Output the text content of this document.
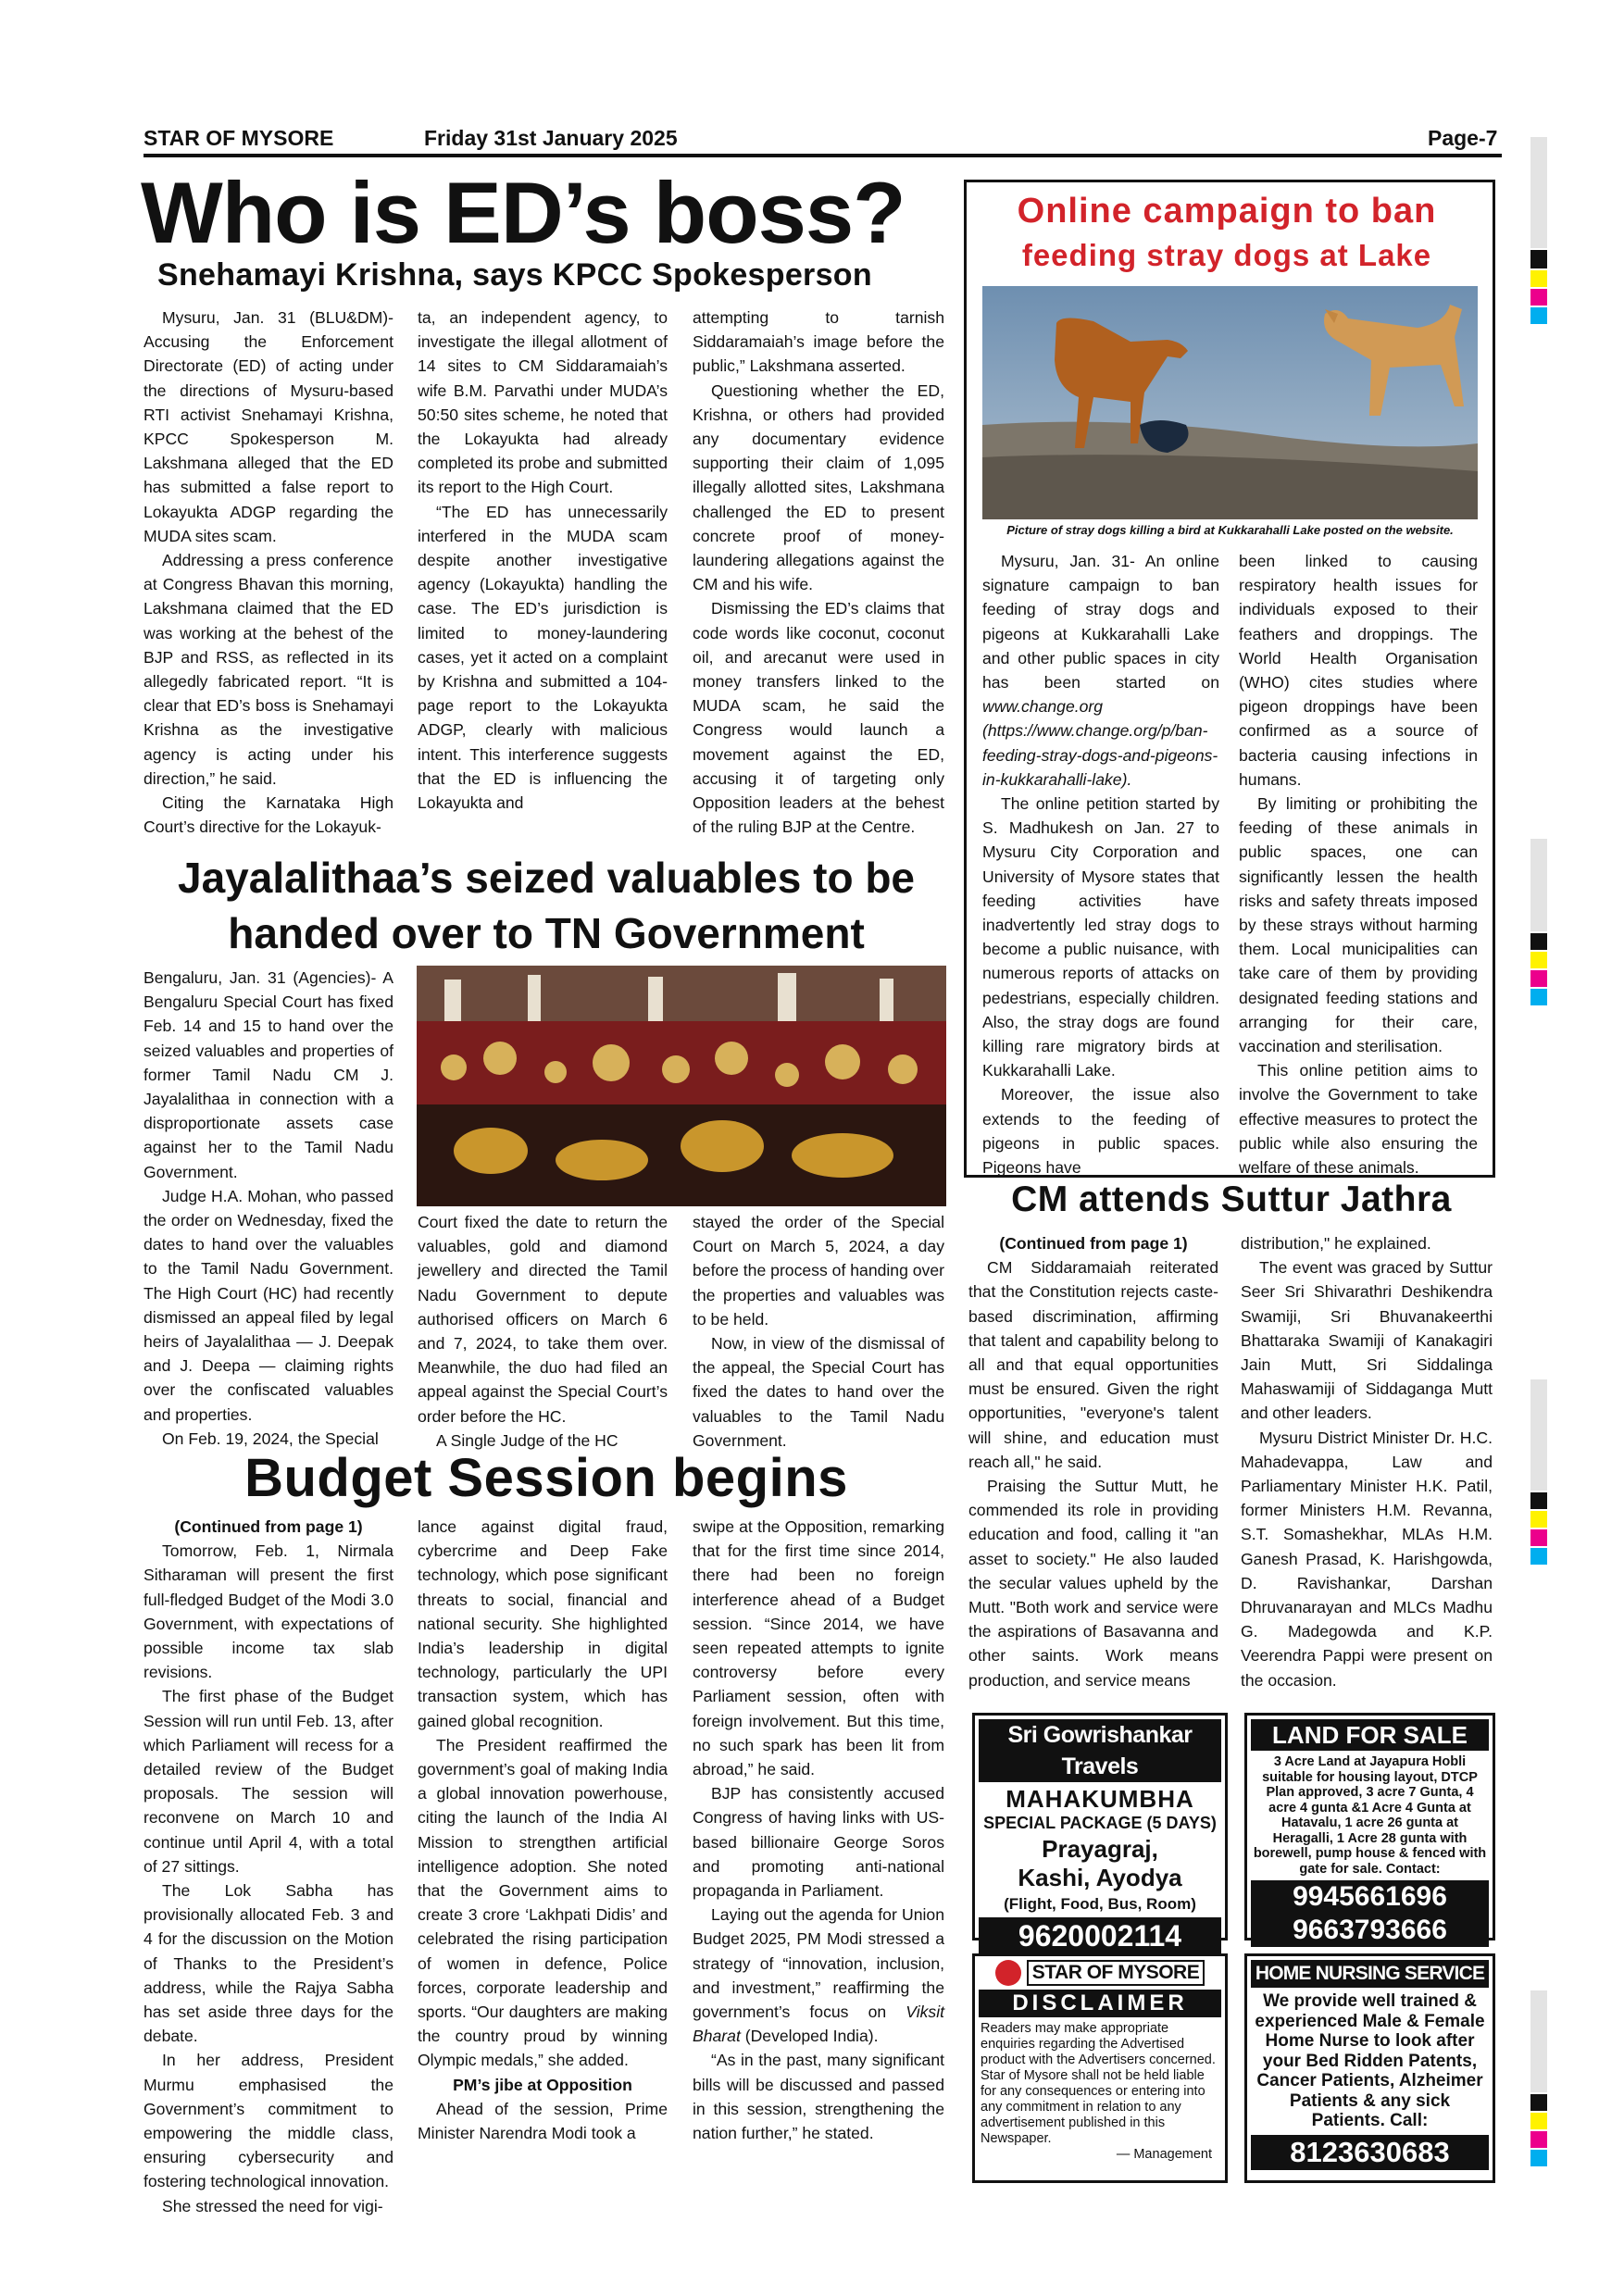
STAR OF MYSORE	Friday 31st January 2025	Page-7
Who is ED’s boss?
Snehamayi Krishna, says KPCC Spokesperson

Mysuru, Jan. 31 (BLU&DM)- Accusing the Enforcement Directorate (ED) of acting under the directions of Mysuru-based RTI activist Snehamayi Krishna, KPCC Spokesperson M. Lakshmana alleged that the ED has submitted a false report to Lokayukta ADGP regarding the MUDA sites scam.

Addressing a press conference at Congress Bhavan this morning, Lakshmana claimed that the ED was working at the behest of the BJP and RSS, as reflected in its allegedly fabricated report. “It is clear that ED’s boss is Snehamayi Krishna as the investigative agency is acting under his direction,” he said.

Citing the Karnataka High Court’s directive for the Lokayuk-

ta, an independent agency, to investigate the illegal allotment of 14 sites to CM Siddaramaiah’s wife B.M. Parvathi under MUDA’s 50:50 sites scheme, he noted that the Lokayukta had already completed its probe and submitted its report to the High Court.

“The ED has unnecessarily interfered in the MUDA scam despite another investigative agency (Lokayukta) handling the case. The ED’s jurisdiction is limited to money-laundering cases, yet it acted on a complaint by Krishna and submitted a 104-page report to the Lokayukta ADGP, clearly with malicious intent. This interference suggests that the ED is influencing the Lokayukta and

attempting to tarnish Siddaramaiah’s image before the public,” Lakshmana asserted.

Questioning whether the ED, Krishna, or others had provided any documentary evidence supporting their claim of 1,095 illegally allotted sites, Lakshmana challenged the ED to present concrete proof of money-laundering allegations against the CM and his wife.

Dismissing the ED’s claims that code words like coconut, coconut oil, and arecanut were used in money transfers linked to the MUDA scam, he said the Congress would launch a movement against the ED, accusing it of targeting only Opposition leaders at the behest of the ruling BJP at the Centre.

Online campaign to ban
feeding stray dogs at Lake
Picture of stray dogs killing a bird at Kukkarahalli Lake posted on the website.

Mysuru, Jan. 31- An online signature campaign to ban feeding of stray dogs and pigeons at Kukkarahalli Lake and other public spaces in city has been started on www.change.org (https://www.change.org/p/ban-feeding-stray-dogs-and-pigeons-in-kukkarahalli-lake).

The online petition started by S. Madhukesh on Jan. 27 to Mysuru City Corporation and University of Mysore states that feeding activities have inadvertently led stray dogs to become a public nuisance, with numerous reports of attacks on pedestrians, especially children. Also, the stray dogs are found killing rare migratory birds at Kukkarahalli Lake.

Moreover, the issue also extends to the feeding of pigeons in public spaces. Pigeons have

been linked to causing respiratory health issues for individuals exposed to their feathers and droppings. The World Health Organisation (WHO) cites studies where pigeon droppings have been confirmed as a source of bacteria causing infections in humans.

By limiting or prohibiting the feeding of these animals in public spaces, one can significantly lessen the health risks and safety threats imposed by these strays without harming them. Local municipalities can take care of them by providing designated feeding stations and arranging for their care, vaccination and sterilisation.

This online petition aims to involve the Government to take effective measures to protect the public while also ensuring the welfare of these animals.

Jayalalithaa’s seized valuables to be
handed over to TN Government

Bengaluru, Jan. 31 (Agencies)- A Bengaluru Special Court has fixed Feb. 14 and 15 to hand over the seized valuables and properties of former Tamil Nadu CM J. Jayalalithaa in connection with a disproportionate assets case against her to the Tamil Nadu Government.

Judge H.A. Mohan, who passed the order on Wednesday, fixed the dates to hand over the valuables to the Tamil Nadu Government. The High Court (HC) had recently dismissed an appeal filed by legal heirs of Jayalalithaa — J. Deepak and J. Deepa — claiming rights over the confiscated valuables and properties.

On Feb. 19, 2024, the Special

Court fixed the date to return the valuables, gold and diamond jewellery and directed the Tamil Nadu Government to depute authorised officers on March 6 and 7, 2024, to take them over. Meanwhile, the duo had filed an appeal against the Special Court’s order before the HC.

A Single Judge of the HC

stayed the order of the Special Court on March 5, 2024, a day before the process of handing over the properties and valuables was to be held.

Now, in view of the dismissal of the appeal, the Special Court has fixed the dates to hand over the valuables to the Tamil Nadu Government.

CM attends Suttur Jathra

(Continued from page 1)

CM Siddaramaiah reiterated that the Constitution rejects caste-based discrimination, affirming that talent and capability belong to all and that equal opportunities must be ensured. Given the right opportunities, "everyone's talent will shine, and education must reach all," he said.

Praising the Suttur Mutt, he commended its role in providing education and food, calling it "an asset to society." He also lauded the secular values upheld by the Mutt. "Both work and service were the aspirations of Basavanna and other saints. Work means production, and service means

distribution," he explained.

The event was graced by Suttur Seer Sri Shivarathri Deshikendra Swamiji, Sri Bhuvanakeerthi Bhattaraka Swamiji of Kanakagiri Jain Mutt, Sri Siddalinga Mahaswamiji of Siddaganga Mutt and other leaders.

Mysuru District Minister Dr. H.C. Mahadevappa, Law and Parliamentary Minister H.K. Patil, former Ministers H.M. Revanna, S.T. Somashekhar, MLAs H.M. Ganesh Prasad, K. Harishgowda, D. Ravishankar, Darshan Dhruvanarayan and MLCs Madhu G. Madegowda and K.P. Veerendra Pappi were present on the occasion.

Budget Session begins

(Continued from page 1)

Tomorrow, Feb. 1, Nirmala Sitharaman will present the first full-fledged Budget of the Modi 3.0 Government, with expectations of possible income tax slab revisions.

The first phase of the Budget Session will run until Feb. 13, after which Parliament will recess for a detailed review of the Budget proposals. The session will reconvene on March 10 and continue until April 4, with a total of 27 sittings.

The Lok Sabha has provisionally allocated Feb. 3 and 4 for the discussion on the Motion of Thanks to the President’s address, while the Rajya Sabha has set aside three days for the debate.

In her address, President Murmu emphasised the Government’s commitment to empowering the middle class, ensuring cybersecurity and fostering technological innovation.

She stressed the need for vigi-

lance against digital fraud, cybercrime and Deep Fake technology, which pose significant threats to social, financial and national security. She highlighted India’s leadership in digital technology, particularly the UPI transaction system, which has gained global recognition.

The President reaffirmed the government’s goal of making India a global innovation powerhouse, citing the launch of the India AI Mission to strengthen artificial intelligence adoption. She noted that the Government aims to create 3 crore ‘Lakhpati Didis’ and celebrated the rising participation of women in defence, Police forces, corporate leadership and sports. “Our daughters are making the country proud by winning Olympic medals,” she added.

PM’s jibe at Opposition

Ahead of the session, Prime Minister Narendra Modi took a

swipe at the Opposition, remarking that for the first time since 2014, there had been no foreign interference ahead of a Budget session. “Since 2014, we have seen repeated attempts to ignite controversy before every Parliament session, often with foreign involvement. But this time, no such spark has been lit from abroad,” he said.

BJP has consistently accused Congress of having links with US-based billionaire George Soros and promoting anti-national propaganda in Parliament.

Laying out the agenda for Union Budget 2025, PM Modi stressed a strategy of “innovation, inclusion, and investment,” reaffirming the government’s focus on Viksit Bharat (Developed India).

“As in the past, many significant bills will be discussed and passed in this session, strengthening the nation further,” he stated.

Sri Gowrishankar Travels
MAHAKUMBHA
SPECIAL PACKAGE (5 DAYS)
Prayagraj,
Kashi, Ayodya
(Flight, Food, Bus, Room)
9620002114
LAND FOR SALE
3 Acre Land at Jayapura Hobli suitable for housing layout, DTCP Plan approved, 3 acre 7 Gunta, 4 acre 4 gunta &1 Acre 4 Gunta at Hatavalu, 1 acre 26 gunta at Heragalli, 1 Acre 28 gunta with borewell, pump house & fenced with gate for sale. Contact:
9945661696
9663793666
STAR OF MYSORE
DISCLAIMER
Readers may make appropriate enquiries regarding the Advertised product with the Advertisers concerned. Star of Mysore shall not be held liable for any consequences or entering into any commitment in relation to any advertisement published in this Newspaper.
— Management
HOME NURSING SERVICE
We provide well trained & experienced Male & Female Home Nurse to look after your Bed Ridden Patents, Cancer Patients, Alzheimer Patients & any sick Patients. Call:
8123630683
